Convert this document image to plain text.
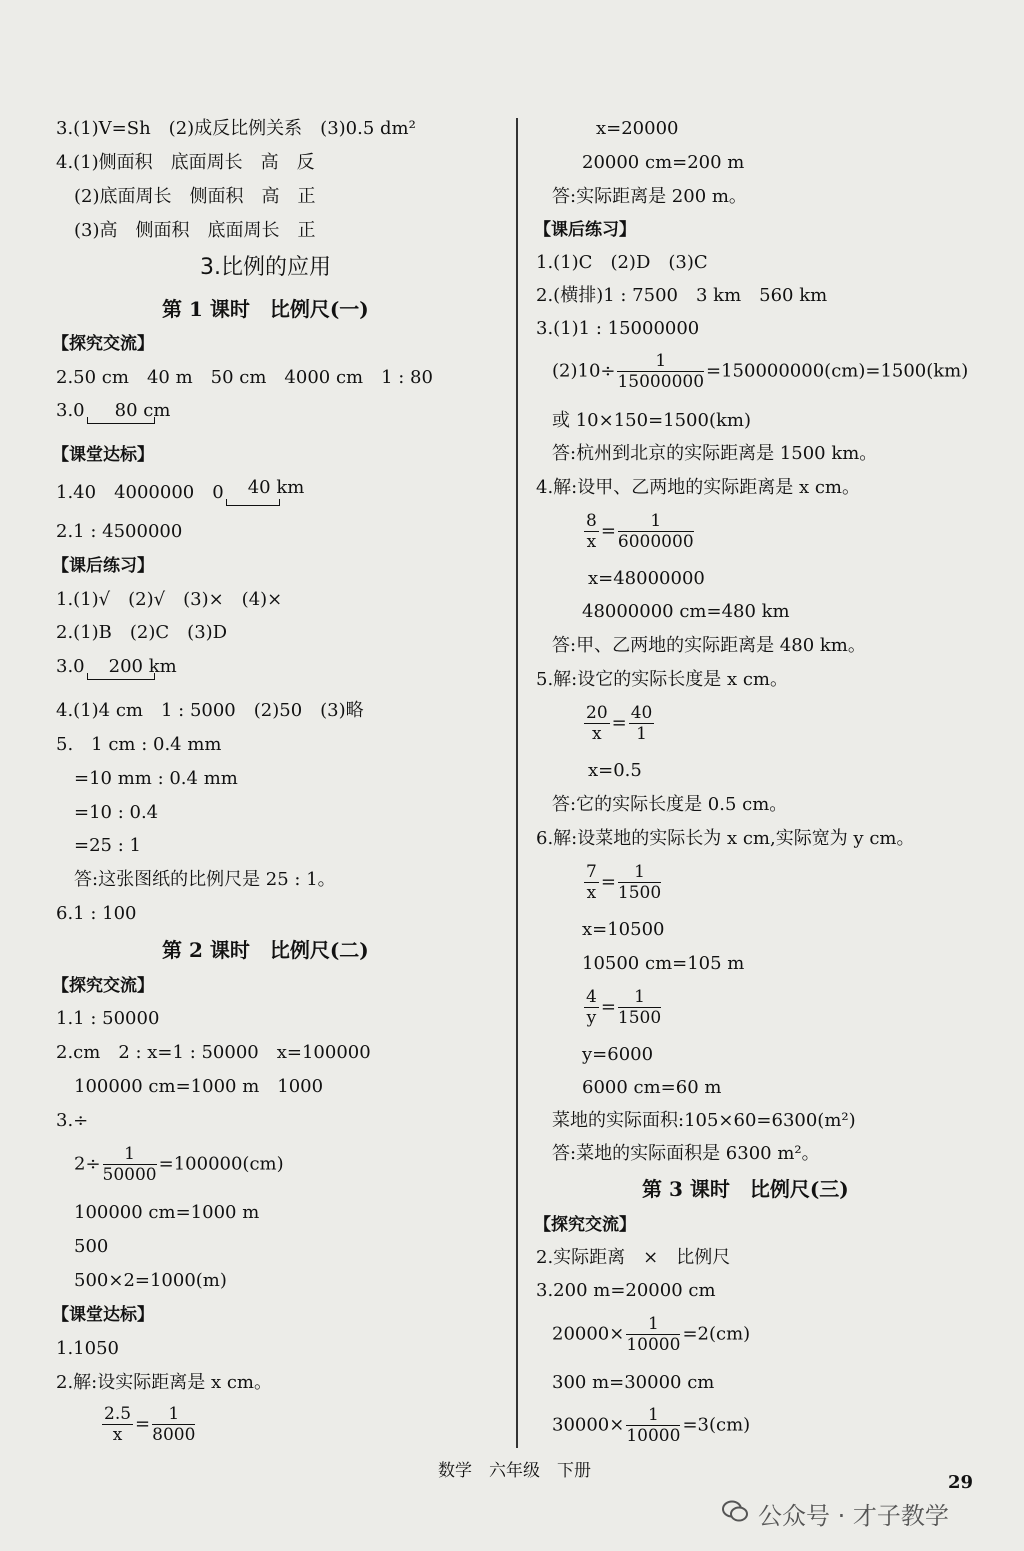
3.(1)V=Sh　(2)成反比例关系　(3)0.5 dm²
4.(1)侧面积　底面周长　高　反
(2)底面周长　侧面积　高　正
(3)高　侧面积　底面周长　正
3.比例的应用
第 1 课时　比例尺(一)
【探究交流】
2.50 cm　40 m　50 cm　4000 cm　1 : 80
3.0 80 cm
【课堂达标】
1.40　4000000　 0 40 km
2.1 : 4500000
【课后练习】
1.(1)√　(2)√　(3)×　(4)×
2.(1)B　(2)C　(3)D
3.0 200 km
4.(1)4 cm　1 : 5000　(2)50　(3)略
5.　1 cm : 0.4 mm
=10 mm : 0.4 mm
=10 : 0.4
=25 : 1
答:这张图纸的比例尺是 25 : 1。
6.1 : 100
第 2 课时　比例尺(二)
【探究交流】
1.1 : 50000
2.cm　2 : x=1 : 50000　x=100000
100000 cm=1000 m　1000
3.÷
$2\div \frac{1}{50000} =100000(cm)$
100000 cm=1000 m
500
500×2=1000(m)
【课堂达标】
1.1050
2.解:设实际距离是 x cm。
$\frac{2.5}{x} = \frac{1}{8000}$
x=20000
20000 cm=200 m
答:实际距离是 200 m。
【课后练习】
1.(1)C　(2)D　(3)C
2.(横排)1 : 7500　3 km　560 km
3.(1)1 : 15000000
$(2)10\div \frac{1}{15000000} =150000000(cm)=1500(km)$
或 10×150=1500(km)
答:杭州到北京的实际距离是 1500 km。
4.解:设甲、乙两地的实际距离是 x cm。
$\frac{8}{x} = \frac{1}{6000000}$
x=48000000
48000000 cm=480 km
答:甲、乙两地的实际距离是 480 km。
5.解:设它的实际长度是 x cm。
$\frac{20}{x} = \frac{40}{1}$
x=0.5
答:它的实际长度是 0.5 cm。
6.解:设菜地的实际长为 x cm,实际宽为 y cm。
$\frac{7}{x} = \frac{1}{1500}$
x=10500
10500 cm=105 m
$\frac{4}{y} = \frac{1}{1500}$
y=6000
6000 cm=60 m
菜地的实际面积:105×60=6300(m²)
答:菜地的实际面积是 6300 m²。
第 3 课时　比例尺(三)
【探究交流】
2.实际距离　×　比例尺
3.200 m=20000 cm
$20000\times \frac{1}{10000} =2(cm)$
300 m=30000 cm
$30000\times \frac{1}{10000} =3(cm)$
数学　六年级　下册
29
公众号 · 才子教学
